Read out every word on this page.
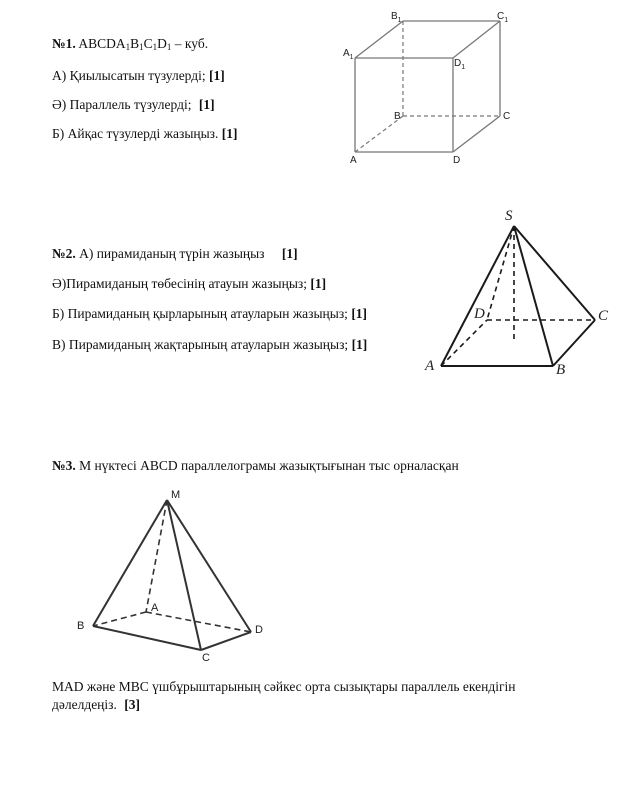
№1. $ABCDA_1B_1C_1D_1$ – куб.
А) Қиылысатын түзулерді; [1]
Ә) Параллель түзулерді; [1]
Б) Айқас түзулерді жазыңыз. [1]
$B_1$	$C_1$
$A_1$
$D_1$
B	C
A	D
№2. А) пирамиданың түрін жазыңыз [1]
Ә)Пирамиданың төбесінің атауын жазыңыз; [1]
Б) Пирамиданың қырларының атауларын жазыңыз; [1]
В) Пирамиданың жақтарының атауларын жазыңыз; [1]
S
D	C
A	B
№3. М нүктесі ABCD параллелограмы жазықтығынан тыс орналасқан
M
A
B
C
D
MAD және MBC үшбұрыштарының сәйкес орта сызықтары параллель екендігін
дәлелдеңіз. [3]
